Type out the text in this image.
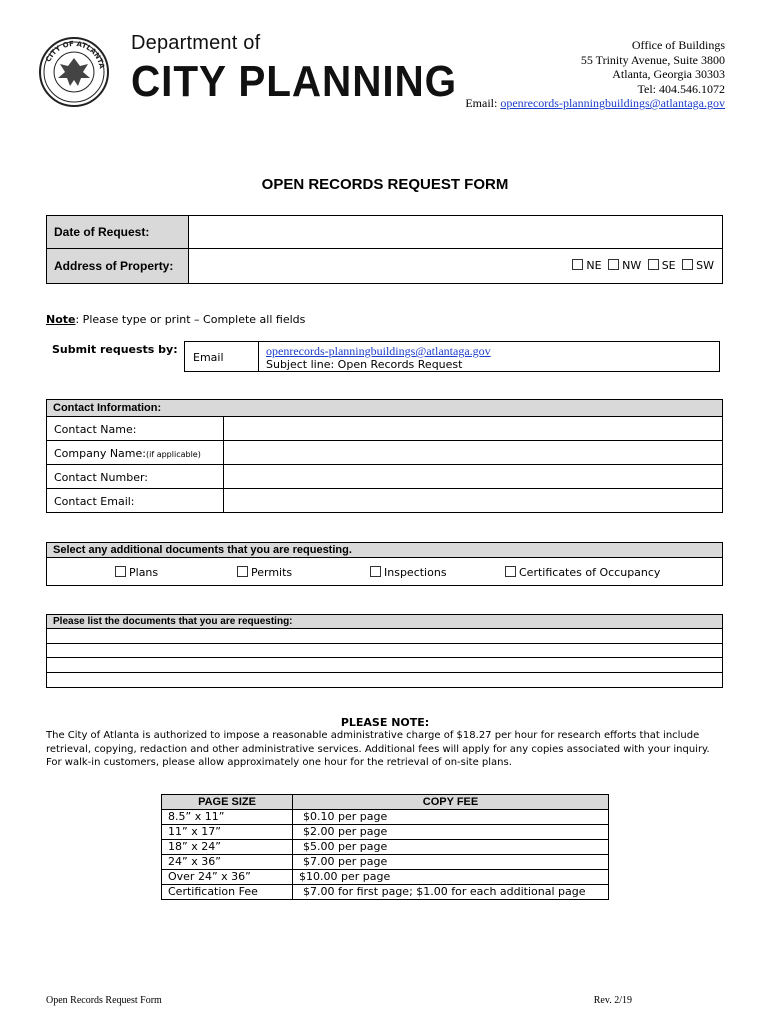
CITY OF ATLANTA
Department of
CITY PLANNING
Office of Buildings
55 Trinity Avenue, Suite 3800
Atlanta, Georgia 30303
Tel: 404.546.1072
Email: openrecords-planningbuildings@atlantaga.gov
OPEN RECORDS REQUEST FORM
Date of Request:
Address of Property:	NE NW SE SW
Note: Please type or print – Complete all fields
Submit requests by:
Email	openrecords-planningbuildings@atlantaga.gov
Subject line: Open Records Request
Contact Information:
Contact Name:
Company Name:(if applicable)
Contact Number:
Contact Email:
Select any additional documents that you are requesting.
Plans	Permits	Inspections	Certificates of Occupancy
Please list the documents that you are requesting:
PLEASE NOTE:
The City of Atlanta is authorized to impose a reasonable administrative charge of $18.27 per hour for research efforts that include
retrieval, copying, redaction and other administrative services. Additional fees will apply for any copies associated with your inquiry.
For walk-in customers, please allow approximately one hour for the retrieval of on-site plans.
PAGE SIZE	COPY FEE
8.5” x 11”	$0.10 per page
11” x 17”	$2.00 per page
18” x 24”	$5.00 per page
24” x 36”	$7.00 per page
Over 24” x 36”	$10.00 per page
Certification Fee	$7.00 for first page; $1.00 for each additional page
Open Records Request Form	Rev. 2/19
